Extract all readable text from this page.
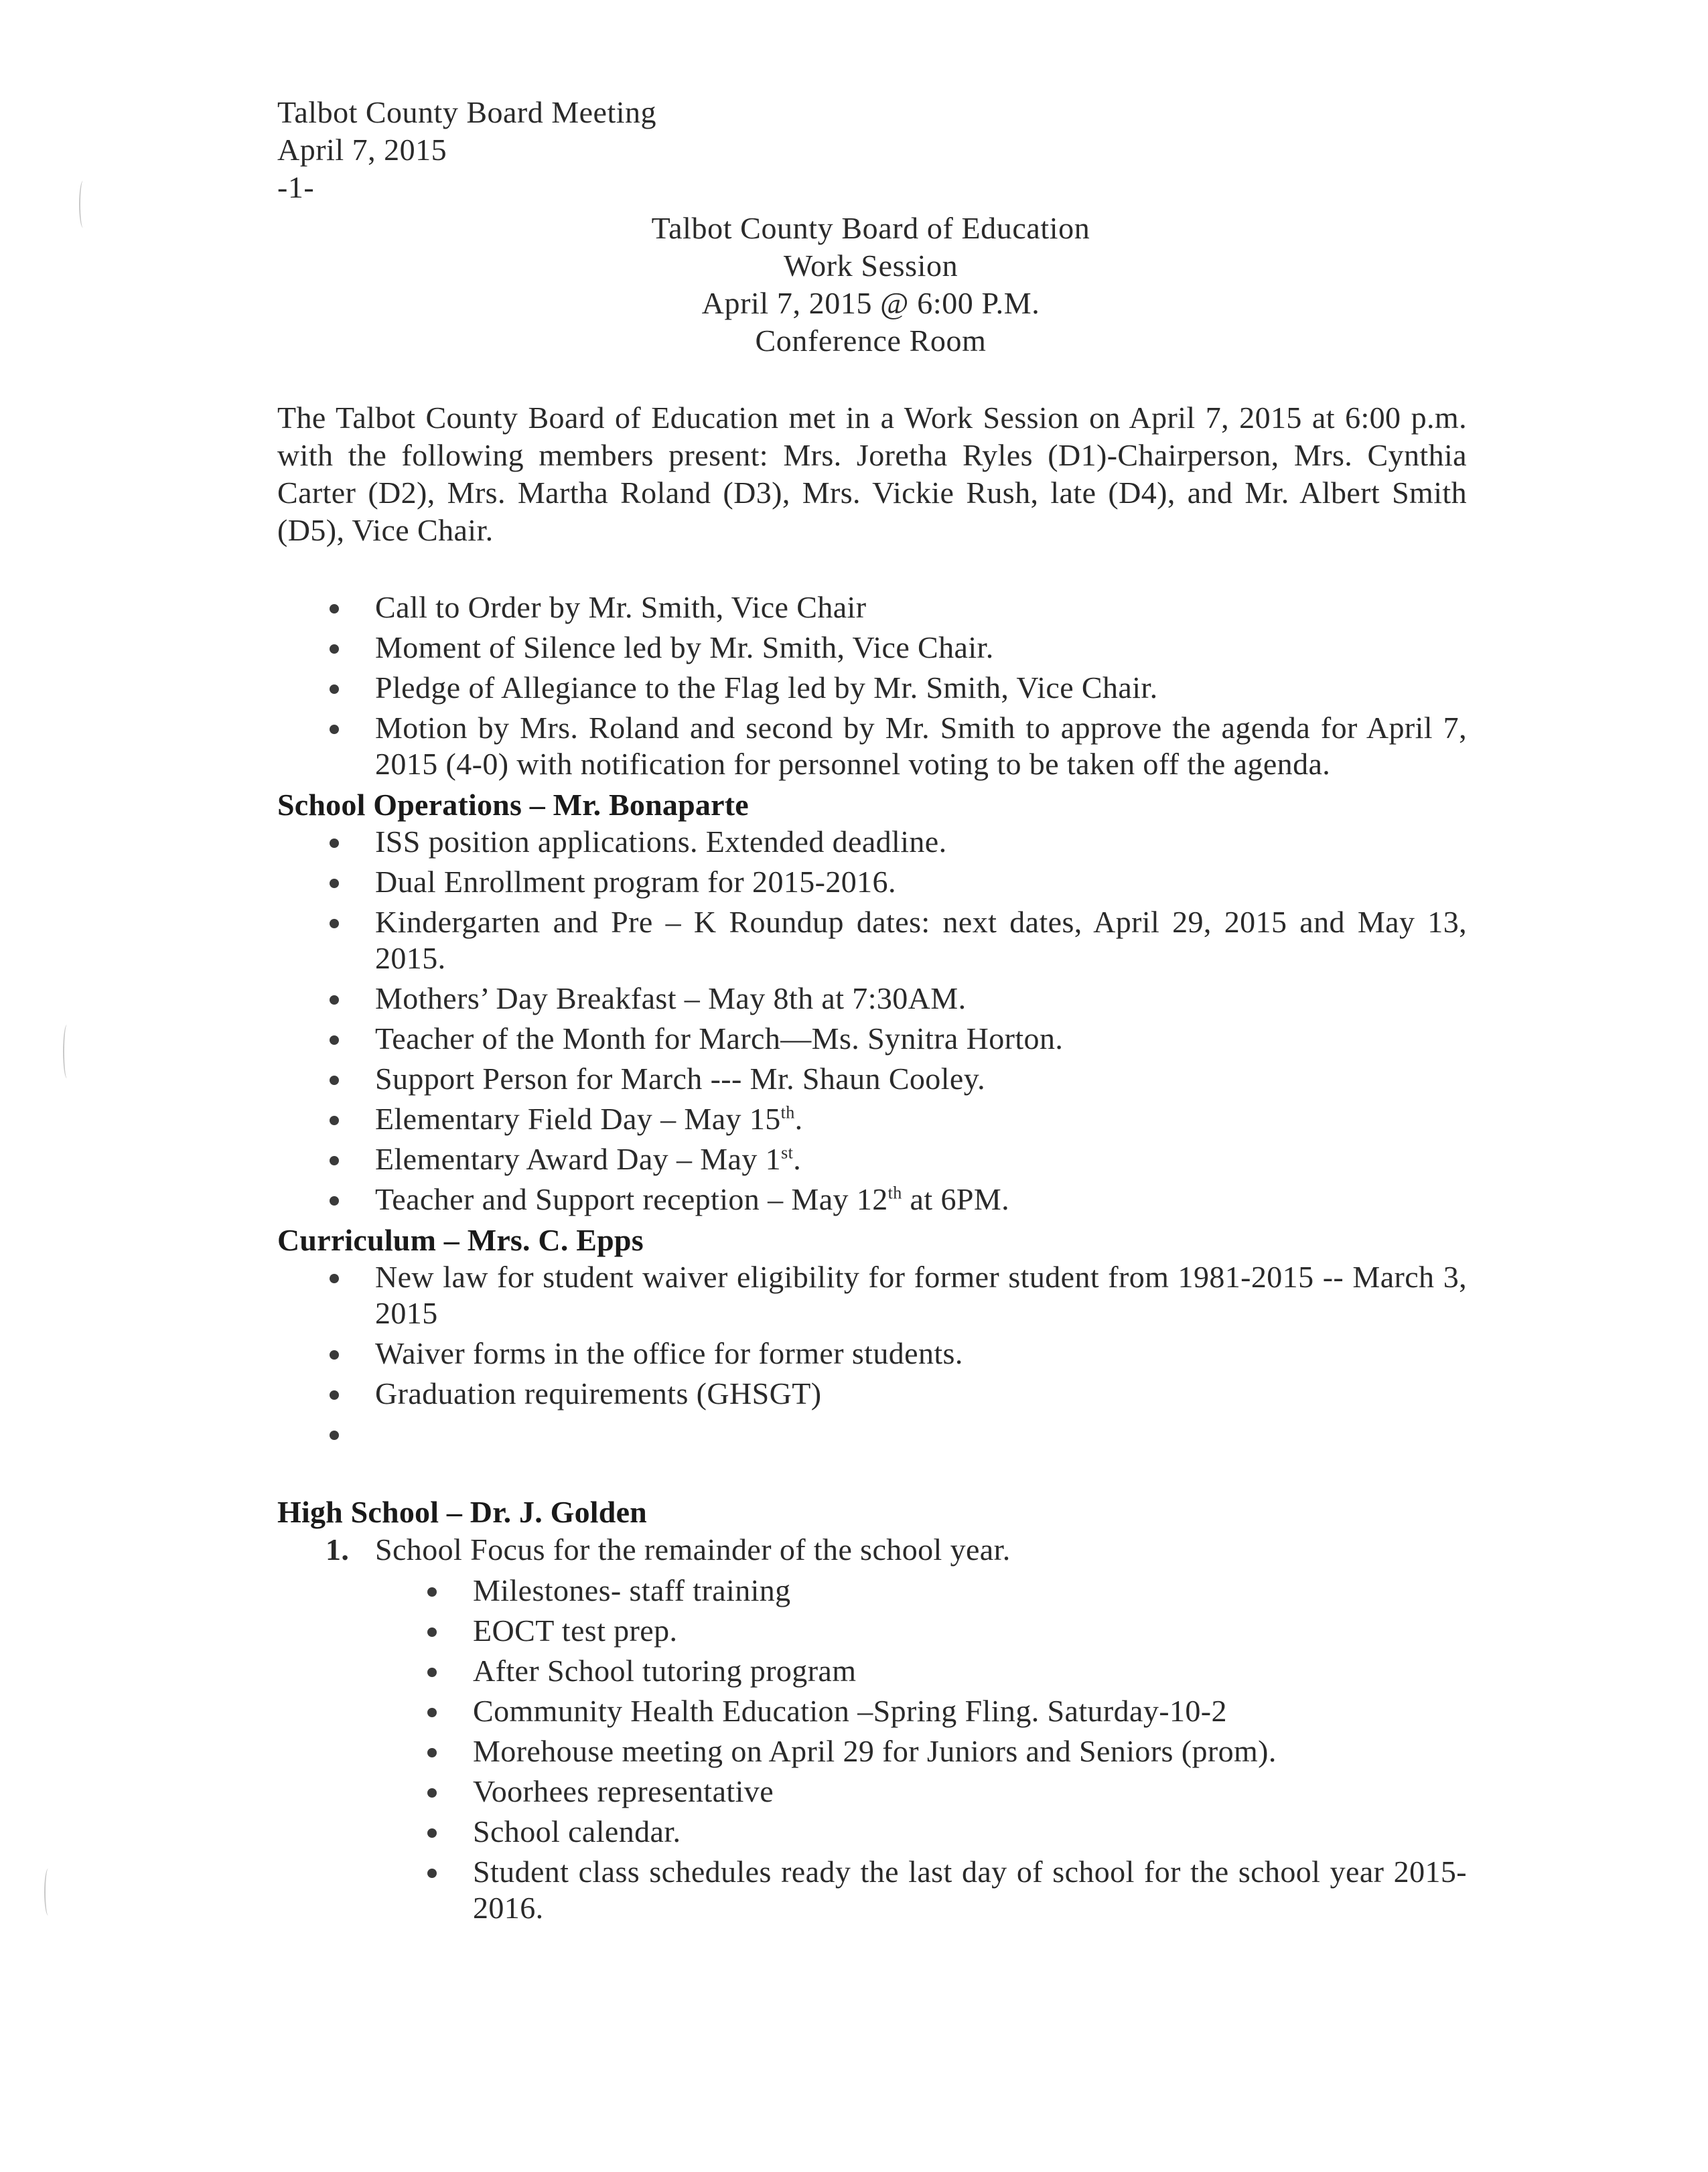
Talbot County Board Meeting
April 7, 2015
-1-
Talbot County Board of Education
Work Session
April 7, 2015 @ 6:00 P.M.
Conference Room
The Talbot County Board of Education met in a Work Session on April 7, 2015 at 6:00 p.m. with the following members present: Mrs. Joretha Ryles (D1)-Chairperson, Mrs. Cynthia Carter (D2), Mrs. Martha Roland (D3), Mrs. Vickie Rush, late (D4), and Mr. Albert Smith (D5), Vice Chair.
Call to Order by Mr. Smith, Vice Chair
Moment of Silence led by Mr. Smith, Vice Chair.
Pledge of Allegiance to the Flag led by Mr. Smith, Vice Chair.
Motion by Mrs. Roland and second by Mr. Smith to approve the agenda for April 7, 2015 (4-0) with notification for personnel voting to be taken off the agenda.
School Operations – Mr. Bonaparte
ISS position applications. Extended deadline.
Dual Enrollment program for 2015-2016.
Kindergarten and Pre – K Roundup dates: next dates, April 29, 2015 and May 13, 2015.
Mothers’ Day Breakfast – May 8th at 7:30AM.
Teacher of the Month for March—Ms. Synitra Horton.
Support Person for March --- Mr. Shaun Cooley.
Elementary Field Day – May 15th.
Elementary Award Day – May 1st.
Teacher and Support reception – May 12th at 6PM.
Curriculum – Mrs. C. Epps
New law for student waiver eligibility for former student from 1981-2015 -- March 3, 2015
Waiver forms in the office for former students.
Graduation requirements (GHSGT)
High School – Dr. J. Golden
1. School Focus for the remainder of the school year.
Milestones- staff training
EOCT test prep.
After School tutoring program
Community Health Education –Spring Fling. Saturday-10-2
Morehouse meeting on April 29 for Juniors and Seniors (prom).
Voorhees representative
School calendar.
Student class schedules ready the last day of school for the school year 2015-2016.
